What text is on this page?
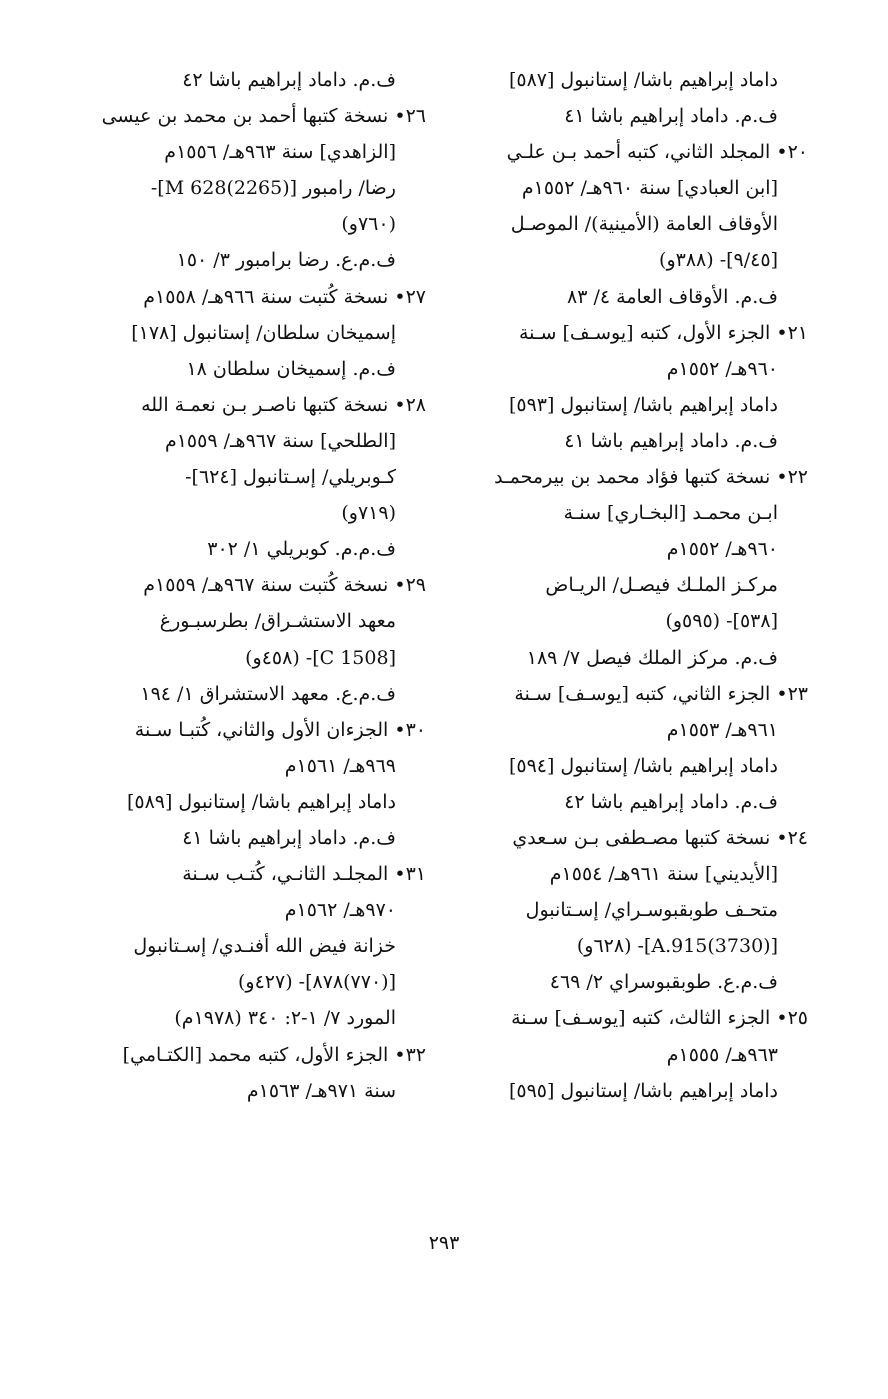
داماد إبراهيم باشا/ إستانبول [٥٨٧]
ف.م. داماد إبراهيم باشا ٤١
٢٠• المجلد الثاني، كتبه أحمد بـن علـي
[ابن العبادي] سنة ٩٦٠هـ/ ١٥٥٢م
الأوقاف العامة (الأمينية)/ الموصـل
[٩/٤٥]- (٣٨٨و)
ف.م. الأوقاف العامة ٤/ ٨٣
٢١• الجزء الأول، كتبه [يوسـف] سـنة
٩٦٠هـ/ ١٥٥٢م
داماد إبراهيم باشا/ إستانبول [٥٩٣]
ف.م. داماد إبراهيم باشا ٤١
٢٢• نسخة كتبها فؤاد محمد بن بيرمحمـد
ابـن محمـد [البخـاري] سنـة
٩٦٠هـ/ ١٥٥٢م
مركـز الملـك فيصـل/ الريـاض
[٥٣٨]- (٥٩٥و)
ف.م. مركز الملك فيصل ٧/ ١٨٩
٢٣• الجزء الثاني، كتبه [يوسـف] سـنة
٩٦١هـ/ ١٥٥٣م
داماد إبراهيم باشا/ إستانبول [٥٩٤]
ف.م. داماد إبراهيم باشا ٤٢
٢٤• نسخة كتبها مصـطفى بـن سـعدي
[الأيديني] سنة ٩٦١هـ/ ١٥٥٤م
متحـف طوبقبوسـراي/ إسـتانبول
[A.915(3730)]- (٦٢٨و)
ف.م.ع. طوبقبوسراي ٢/ ٤٦٩
٢٥• الجزء الثالث، كتبه [يوسـف] سـنة
٩٦٣هـ/ ١٥٥٥م
داماد إبراهيم باشا/ إستانبول [٥٩٥]
ف.م. داماد إبراهيم باشا ٤٢
٢٦• نسخة كتبها أحمد بن محمد بن عيسى
[الزاهدي] سنة ٩٦٣هـ/ ١٥٥٦م
رضا/ رامبور [M 628(2265)]-
(٧٦٠و)
ف.م.ع. رضا برامبور ٣/ ١٥٠
٢٧• نسخة كُتبت سنة ٩٦٦هـ/ ١٥٥٨م
إسميخان سلطان/ إستانبول [١٧٨]
ف.م. إسميخان سلطان ١٨
٢٨• نسخة كتبها ناصـر بـن نعمـة الله
[الطلحي] سنة ٩٦٧هـ/ ١٥٥٩م
كـوبريلي/ إسـتانبول [٦٢٤]-
(٧١٩و)
ف.م.م. كوبريلي ١/ ٣٠٢
٢٩• نسخة كُتبت سنة ٩٦٧هـ/ ١٥٥٩م
معهد الاستشـراق/ بطرسبـورغ
[C 1508]- (٤٥٨و)
ف.م.ع. معهد الاستشراق ١/ ١٩٤
٣٠• الجزءان الأول والثاني، كُتبـا سـنة
٩٦٩هـ/ ١٥٦١م
داماد إبراهيم باشا/ إستانبول [٥٨٩]
ف.م. داماد إبراهيم باشا ٤١
٣١• المجلـد الثانـي، كُتـب سـنة
٩٧٠هـ/ ١٥٦٢م
خزانة فيض الله أفنـدي/ إسـتانبول
[(٧٧٠)٨٧٨]- (٤٢٧و)
المورد ٧/ ١-٢: ٣٤٠ (١٩٧٨م)
٣٢• الجزء الأول، كتبه محمد [الكتـامي]
سنة ٩٧١هـ/ ١٥٦٣م
٢٩٣
